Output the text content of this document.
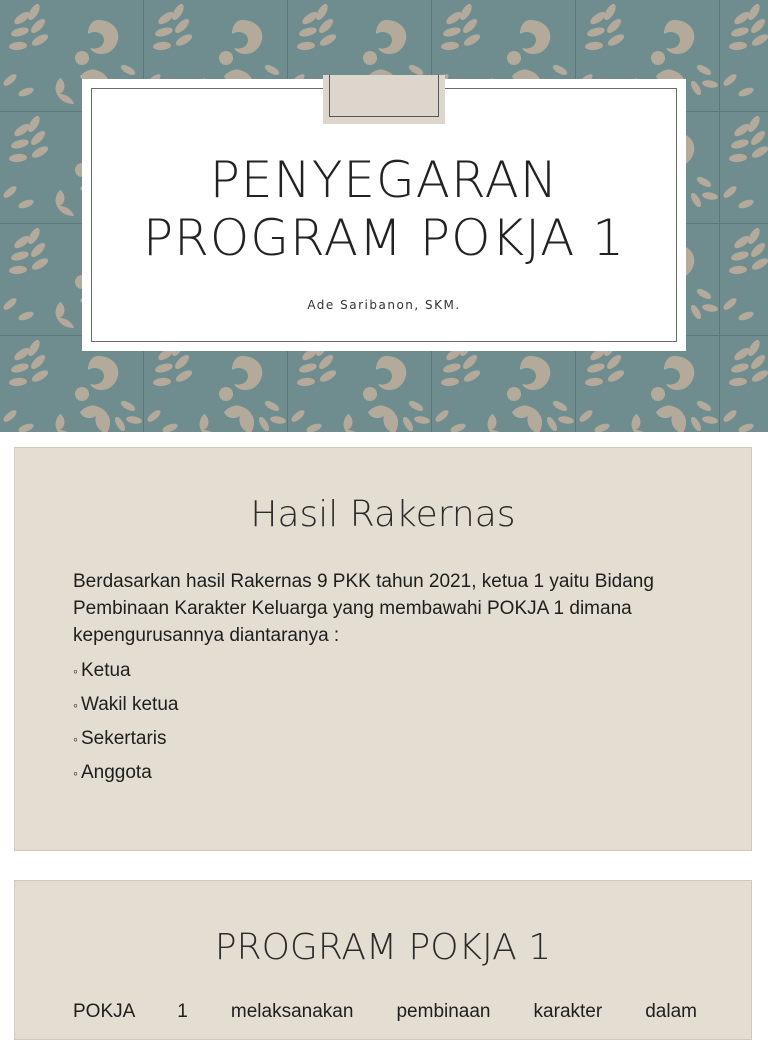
PENYEGARAN
PROGRAM POKJA 1
Ade Saribanon, SKM.
Hasil Rakernas

Berdasarkan hasil Rakernas 9 PKK tahun 2021, ketua 1 yaitu Bidang Pembinaan Karakter Keluarga yang membawahi POKJA 1 dimana kepengurusannya diantaranya :

◦ Ketua
◦ Wakil ketua
◦ Sekertaris
◦ Anggota
PROGRAM POKJA 1

POKJA 1 melaksanakan pembinaan karakter dalam
